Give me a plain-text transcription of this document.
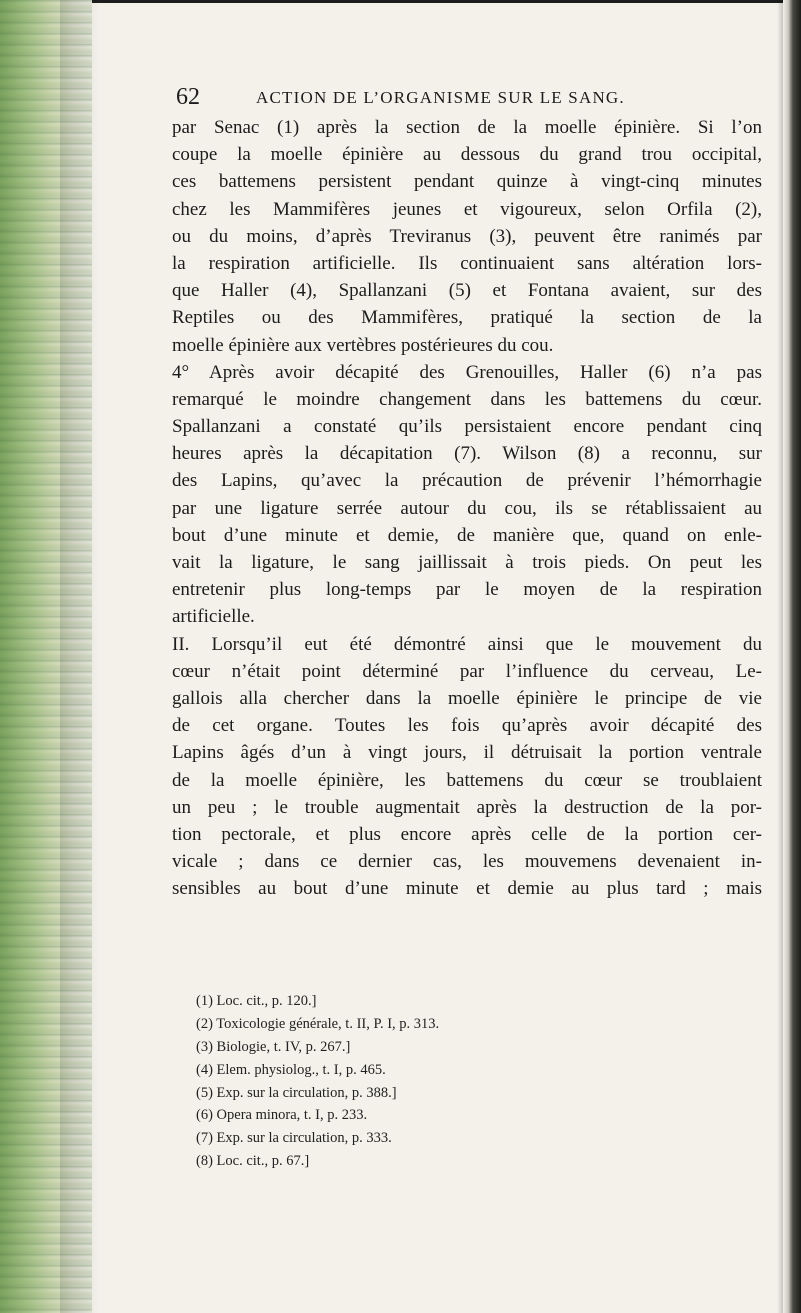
62	ACTION DE L’ORGANISME SUR LE SANG.
par Senac (1) après la section de la moelle épinière. Si l’on
coupe la moelle épinière au dessous du grand trou occipital,
ces battemens persistent pendant quinze à vingt-cinq minutes
chez les Mammifères jeunes et vigoureux, selon Orfila (2),
ou du moins, d’après Treviranus (3), peuvent être ranimés par
la respiration artificielle. Ils continuaient sans altération lors-
que Haller (4), Spallanzani (5) et Fontana avaient, sur des
Reptiles ou des Mammifères, pratiqué la section de la
moelle épinière aux vertèbres postérieures du cou.
4° Après avoir décapité des Grenouilles, Haller (6) n’a pas
remarqué le moindre changement dans les battemens du cœur.
Spallanzani a constaté qu’ils persistaient encore pendant cinq
heures après la décapitation (7). Wilson (8) a reconnu, sur
des Lapins, qu’avec la précaution de prévenir l’hémorrhagie
par une ligature serrée autour du cou, ils se rétablissaient au
bout d’une minute et demie, de manière que, quand on enle-
vait la ligature, le sang jaillissait à trois pieds. On peut les
entretenir plus long-temps par le moyen de la respiration
artificielle.
II. Lorsqu’il eut été démontré ainsi que le mouvement du
cœur n’était point déterminé par l’influence du cerveau, Le-
gallois alla chercher dans la moelle épinière le principe de vie
de cet organe. Toutes les fois qu’après avoir décapité des
Lapins âgés d’un à vingt jours, il détruisait la portion ventrale
de la moelle épinière, les battemens du cœur se troublaient
un peu ; le trouble augmentait après la destruction de la por-
tion pectorale, et plus encore après celle de la portion cer-
vicale ; dans ce dernier cas, les mouvemens devenaient in-
sensibles au bout d’une minute et demie au plus tard ; mais
(1) Loc. cit., p. 120.]
(2) Toxicologie générale, t. II, P. I, p. 313.
(3) Biologie, t. IV, p. 267.]
(4) Elem. physiolog., t. I, p. 465.
(5) Exp. sur la circulation, p. 388.]
(6) Opera minora, t. I, p. 233.
(7) Exp. sur la circulation, p. 333.
(8) Loc. cit., p. 67.]
